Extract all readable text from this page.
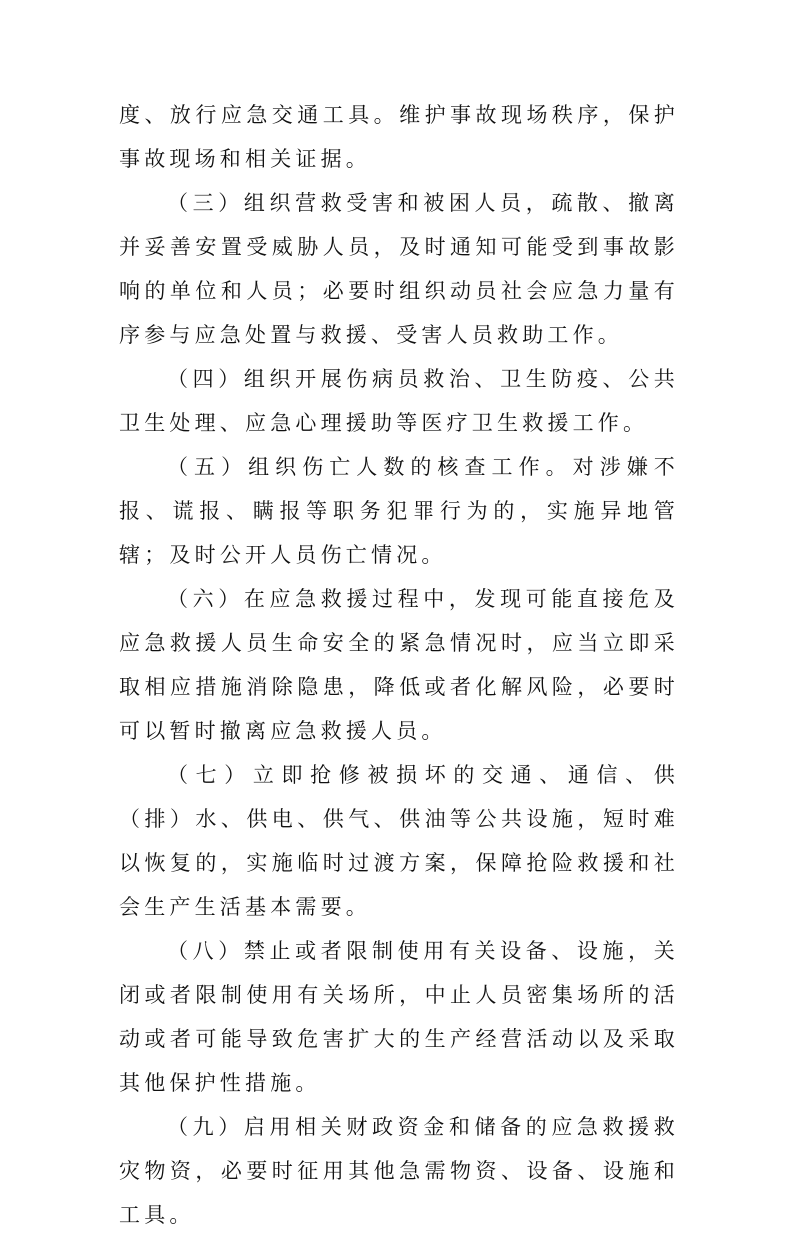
度、放行应急交通工具。维护事故现场秩序，保护事故现场和相关证据。

（三）组织营救受害和被困人员，疏散、撤离并妥善安置受威胁人员，及时通知可能受到事故影响的单位和人员；必要时组织动员社会应急力量有序参与应急处置与救援、受害人员救助工作。

（四）组织开展伤病员救治、卫生防疫、公共卫生处理、应急心理援助等医疗卫生救援工作。

（五）组织伤亡人数的核查工作。对涉嫌不报、谎报、瞒报等职务犯罪行为的，实施异地管辖；及时公开人员伤亡情况。

（六）在应急救援过程中，发现可能直接危及应急救援人员生命安全的紧急情况时，应当立即采取相应措施消除隐患，降低或者化解风险，必要时可以暂时撤离应急救援人员。

（七）立即抢修被损坏的交通、通信、供（排）水、供电、供气、供油等公共设施，短时难以恢复的，实施临时过渡方案，保障抢险救援和社会生产生活基本需要。

（八）禁止或者限制使用有关设备、设施，关闭或者限制使用有关场所，中止人员密集场所的活动或者可能导致危害扩大的生产经营活动以及采取其他保护性措施。

（九）启用相关财政资金和储备的应急救援救灾物资，必要时征用其他急需物资、设备、设施和工具。
